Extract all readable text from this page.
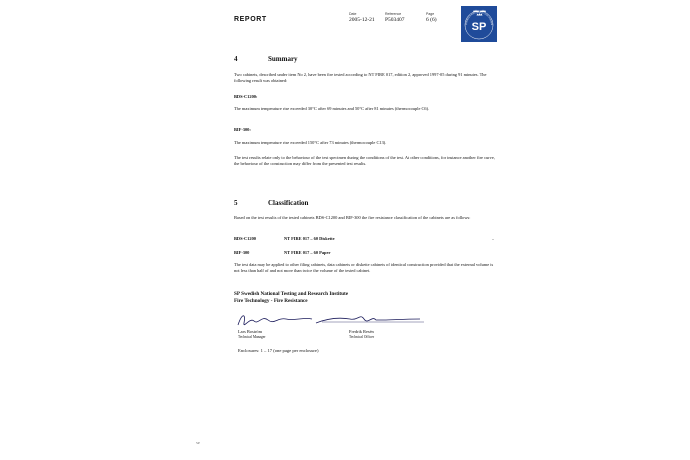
REPORT
Date
2005-12-21
Reference
P503407
Page
6 (6)
SP
SVERIGES PROVNINGS- OCH FORSKN
4	Summary
Two cabinets, described under item No 2, have been fire tested according to NT FIRE 017, edition 2, approved 1997-05 during 91 minutes. The following result was obtained:
BDS-C1200:
The maximum temperature rise exceeded 30°C after 69 minutes and 50°C after 81 minutes (thermocouple C6).
BIF-300:
The maximum temperature rise exceeded 150°C after 73 minutes (thermocouple C13).
The test results relate only to the behaviour of the test specimen during the conditions of the test. At other conditions, for instance another fire curve, the behaviour of the construction may differ from the presented test results.
5	Classification
Based on the test results of the tested cabinets BDS-C1200 and BIF-300 the fire resistance classification of the cabinets are as follows:
BDS-C1200	NT FIRE 017 – 60 Diskette
BIF-300	NT FIRE 017 – 60 Paper
The test data may be applied to other filing cabinets, data cabinets or diskette cabinets of identical construction provided that the external volume is not less than half of and not more than twice the volume of the tested cabinet.
SP Swedish National Testing and Research Institute
Fire Technology - Fire Resistance
Lars Boström
Technical Manager
Fredrik Resén
Technical Officer
Enclosures: 1 – 17 (one page per enclosure)
SP
